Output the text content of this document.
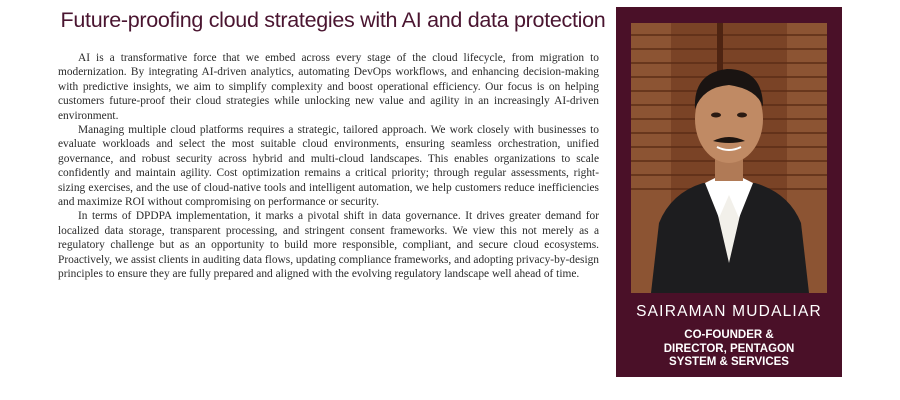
Future-proofing cloud strategies with AI and data protection

AI is a transformative force that we embed across every stage of the cloud lifecycle, from migration to modernization. By integrating AI-driven analytics, automating DevOps workflows, and enhancing decision-making with predictive insights, we aim to simplify complexity and boost operational efficiency. Our focus is on helping customers future-proof their cloud strategies while unlocking new value and agility in an increasingly AI-driven environment.

Managing multiple cloud platforms requires a strategic, tailored approach. We work closely with businesses to evaluate workloads and select the most suitable cloud environments, ensuring seamless orchestration, unified governance, and robust security across hybrid and multi-cloud landscapes. This enables organizations to scale confidently and maintain agility. Cost optimization remains a critical priority; through regular assessments, right-sizing exercises, and the use of cloud-native tools and intelligent automation, we help customers reduce inefficiencies and maximize ROI without compromising on performance or security.

In terms of DPDPA implementation, it marks a pivotal shift in data governance. It drives greater demand for localized data storage, transparent processing, and stringent consent frameworks. We view this not merely as a regulatory challenge but as an opportunity to build more responsible, compliant, and secure cloud ecosystems. Proactively, we assist clients in auditing data flows, updating compliance frameworks, and adopting privacy-by-design principles to ensure they are fully prepared and aligned with the evolving regulatory landscape well ahead of time.

SAIRAMAN MUDALIAR
CO-FOUNDER &
DIRECTOR, PENTAGON
SYSTEM & SERVICES
